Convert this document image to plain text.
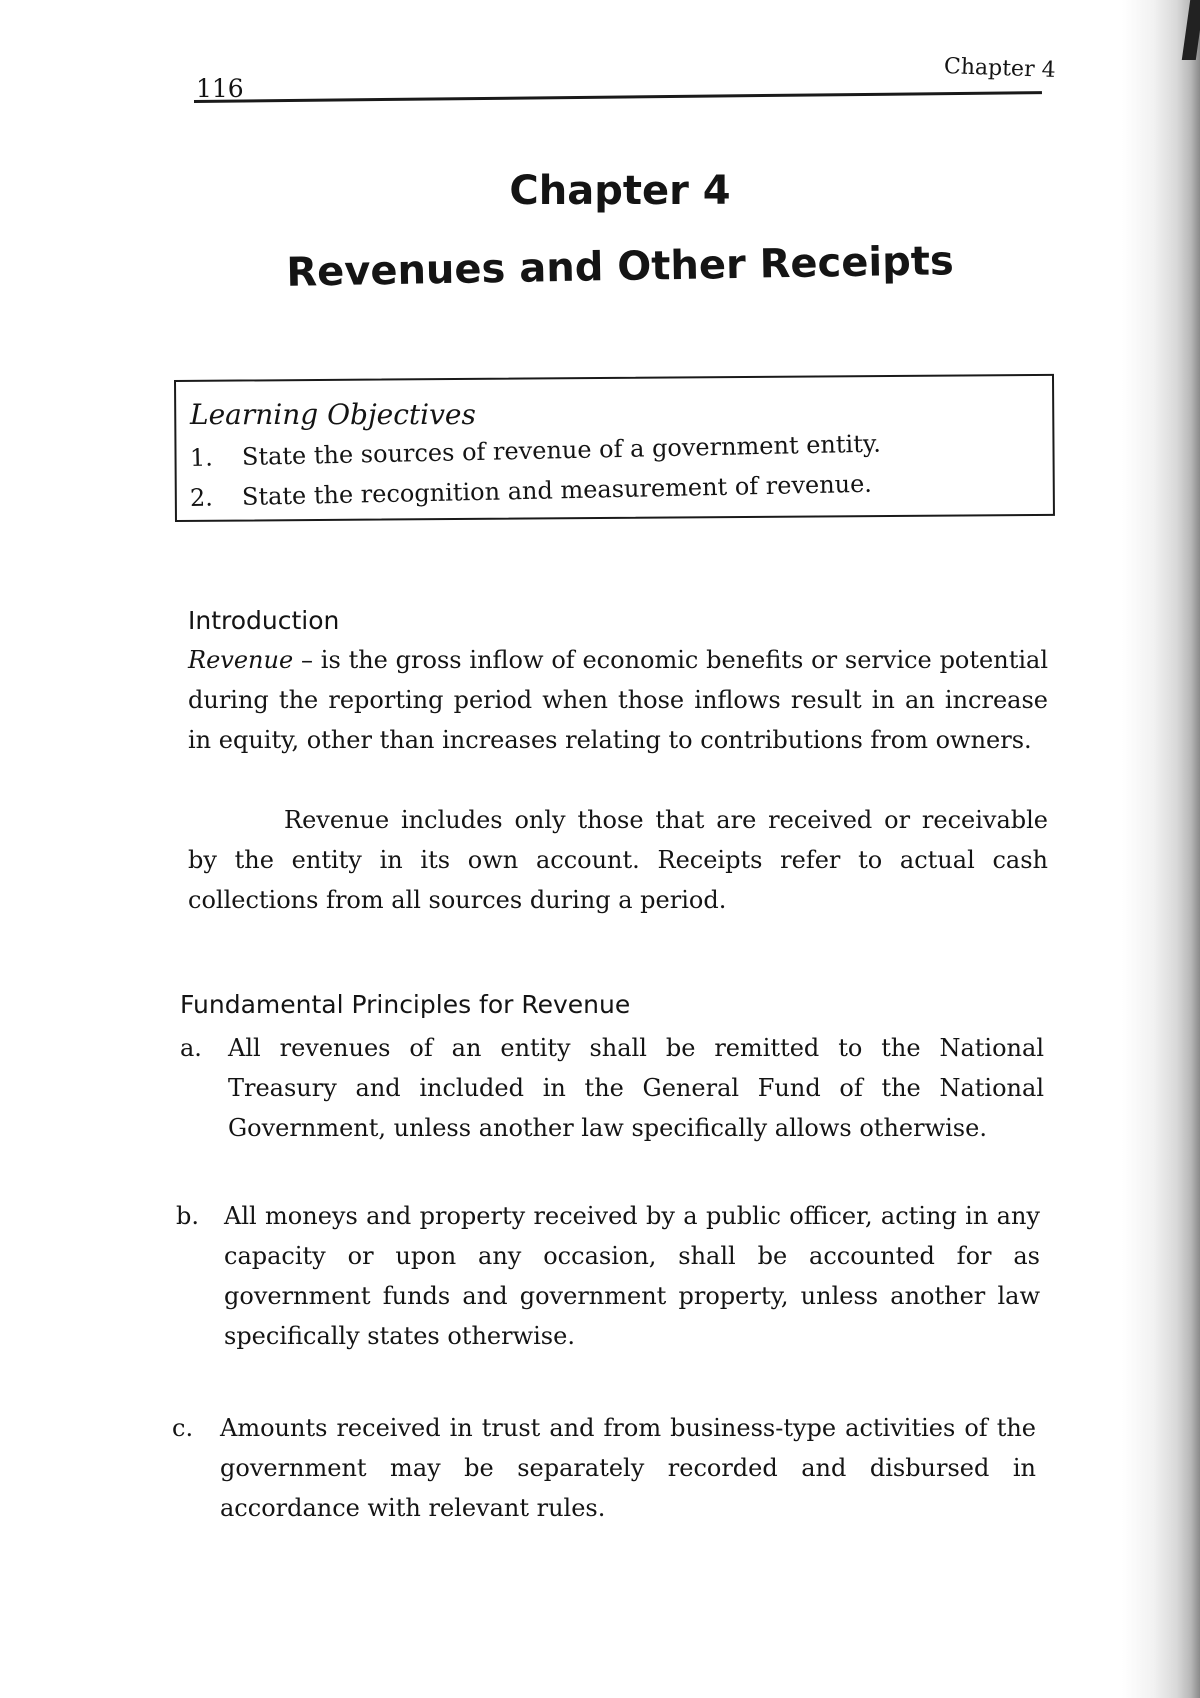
116
Chapter 4
Chapter 4
Revenues and Other Receipts
Learning Objectives
1. State the sources of revenue of a government entity.
2. State the recognition and measurement of revenue.
Introduction
Revenue – is the gross inflow of economic benefits or service potential during the reporting period when those inflows result in an increase in equity, other than increases relating to contributions from owners.
Revenue includes only those that are received or receivable by the entity in its own account. Receipts refer to actual cash collections from all sources during a period.
Fundamental Principles for Revenue
a.	All revenues of an entity shall be remitted to the National Treasury and included in the General Fund of the National Government, unless another law specifically allows otherwise.
b.	All moneys and property received by a public officer, acting in any capacity or upon any occasion, shall be accounted for as government funds and government property, unless another law specifically states otherwise.
c.	Amounts received in trust and from business-type activities of the government may be separately recorded and disbursed in accordance with relevant rules.
